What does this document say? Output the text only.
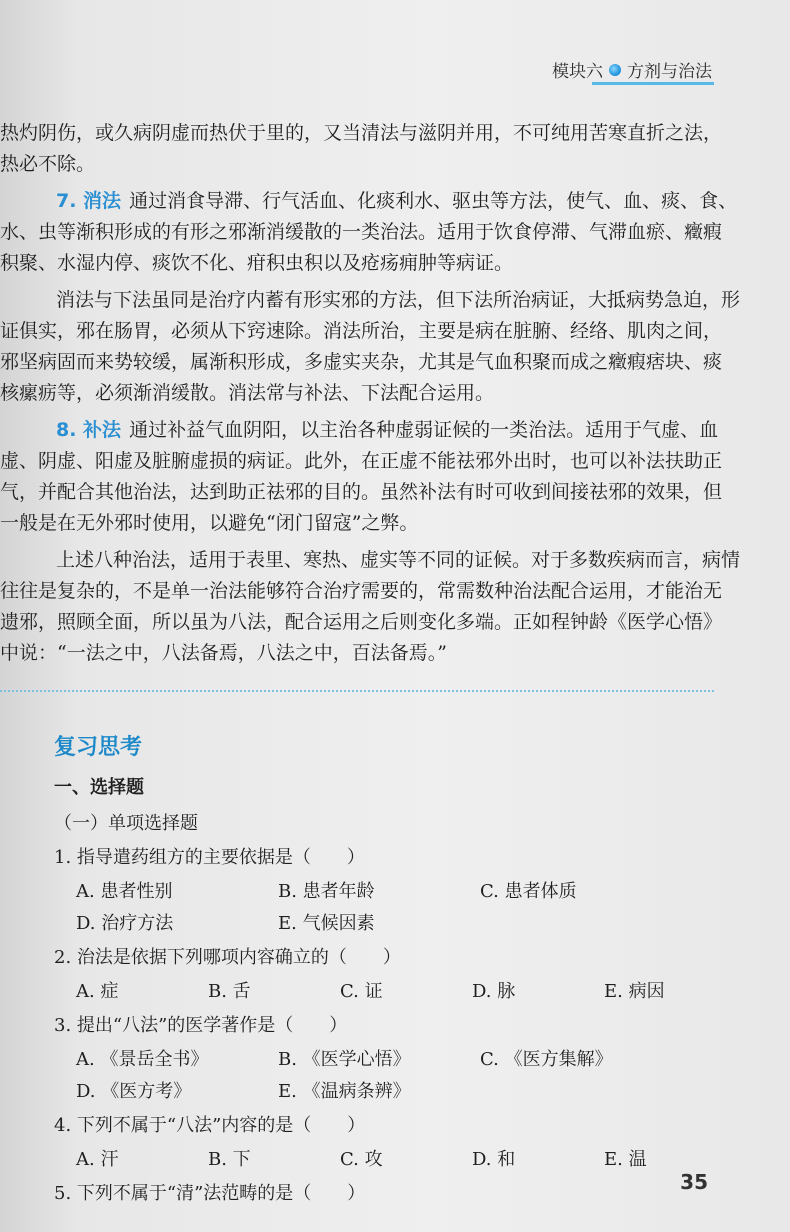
模块六 方剂与治法

热灼阴伤，或久病阴虚而热伏于里的，又当清法与滋阴并用，不可纯用苦寒直折之法，热必不除。

7. 消法 通过消食导滞、行气活血、化痰利水、驱虫等方法，使气、血、痰、食、水、虫等渐积形成的有形之邪渐消缓散的一类治法。适用于饮食停滞、气滞血瘀、癥瘕积聚、水湿内停、痰饮不化、疳积虫积以及疮疡痈肿等病证。

消法与下法虽同是治疗内蓄有形实邪的方法，但下法所治病证，大抵病势急迫，形证俱实，邪在肠胃，必须从下窍速除。消法所治，主要是病在脏腑、经络、肌肉之间，邪坚病固而来势较缓，属渐积形成，多虚实夹杂，尤其是气血积聚而成之癥瘕痞块、痰核瘰疬等，必须渐消缓散。消法常与补法、下法配合运用。

8. 补法 通过补益气血阴阳，以主治各种虚弱证候的一类治法。适用于气虚、血虚、阴虚、阳虚及脏腑虚损的病证。此外，在正虚不能祛邪外出时，也可以补法扶助正气，并配合其他治法，达到助正祛邪的目的。虽然补法有时可收到间接祛邪的效果，但一般是在无外邪时使用，以避免“闭门留寇”之弊。

上述八种治法，适用于表里、寒热、虚实等不同的证候。对于多数疾病而言，病情往往是复杂的，不是单一治法能够符合治疗需要的，常需数种治法配合运用，才能治无遗邪，照顾全面，所以虽为八法，配合运用之后则变化多端。正如程钟龄《医学心悟》中说：“一法之中，八法备焉，八法之中，百法备焉。”

复习思考
一、选择题
（一）单项选择题
1. 指导遣药组方的主要依据是（　　）
A. 患者性别	B. 患者年龄	C. 患者体质
D. 治疗方法	E. 气候因素
2. 治法是依据下列哪项内容确立的（　　）
A. 症	B. 舌	C. 证	D. 脉	E. 病因
3. 提出“八法”的医学著作是（　　）
A. 《景岳全书》	B. 《医学心悟》	C. 《医方集解》
D. 《医方考》	E. 《温病条辨》
4. 下列不属于“八法”内容的是（　　）
A. 汗	B. 下	C. 攻	D. 和	E. 温
5. 下列不属于“清”法范畴的是（　　）	35
